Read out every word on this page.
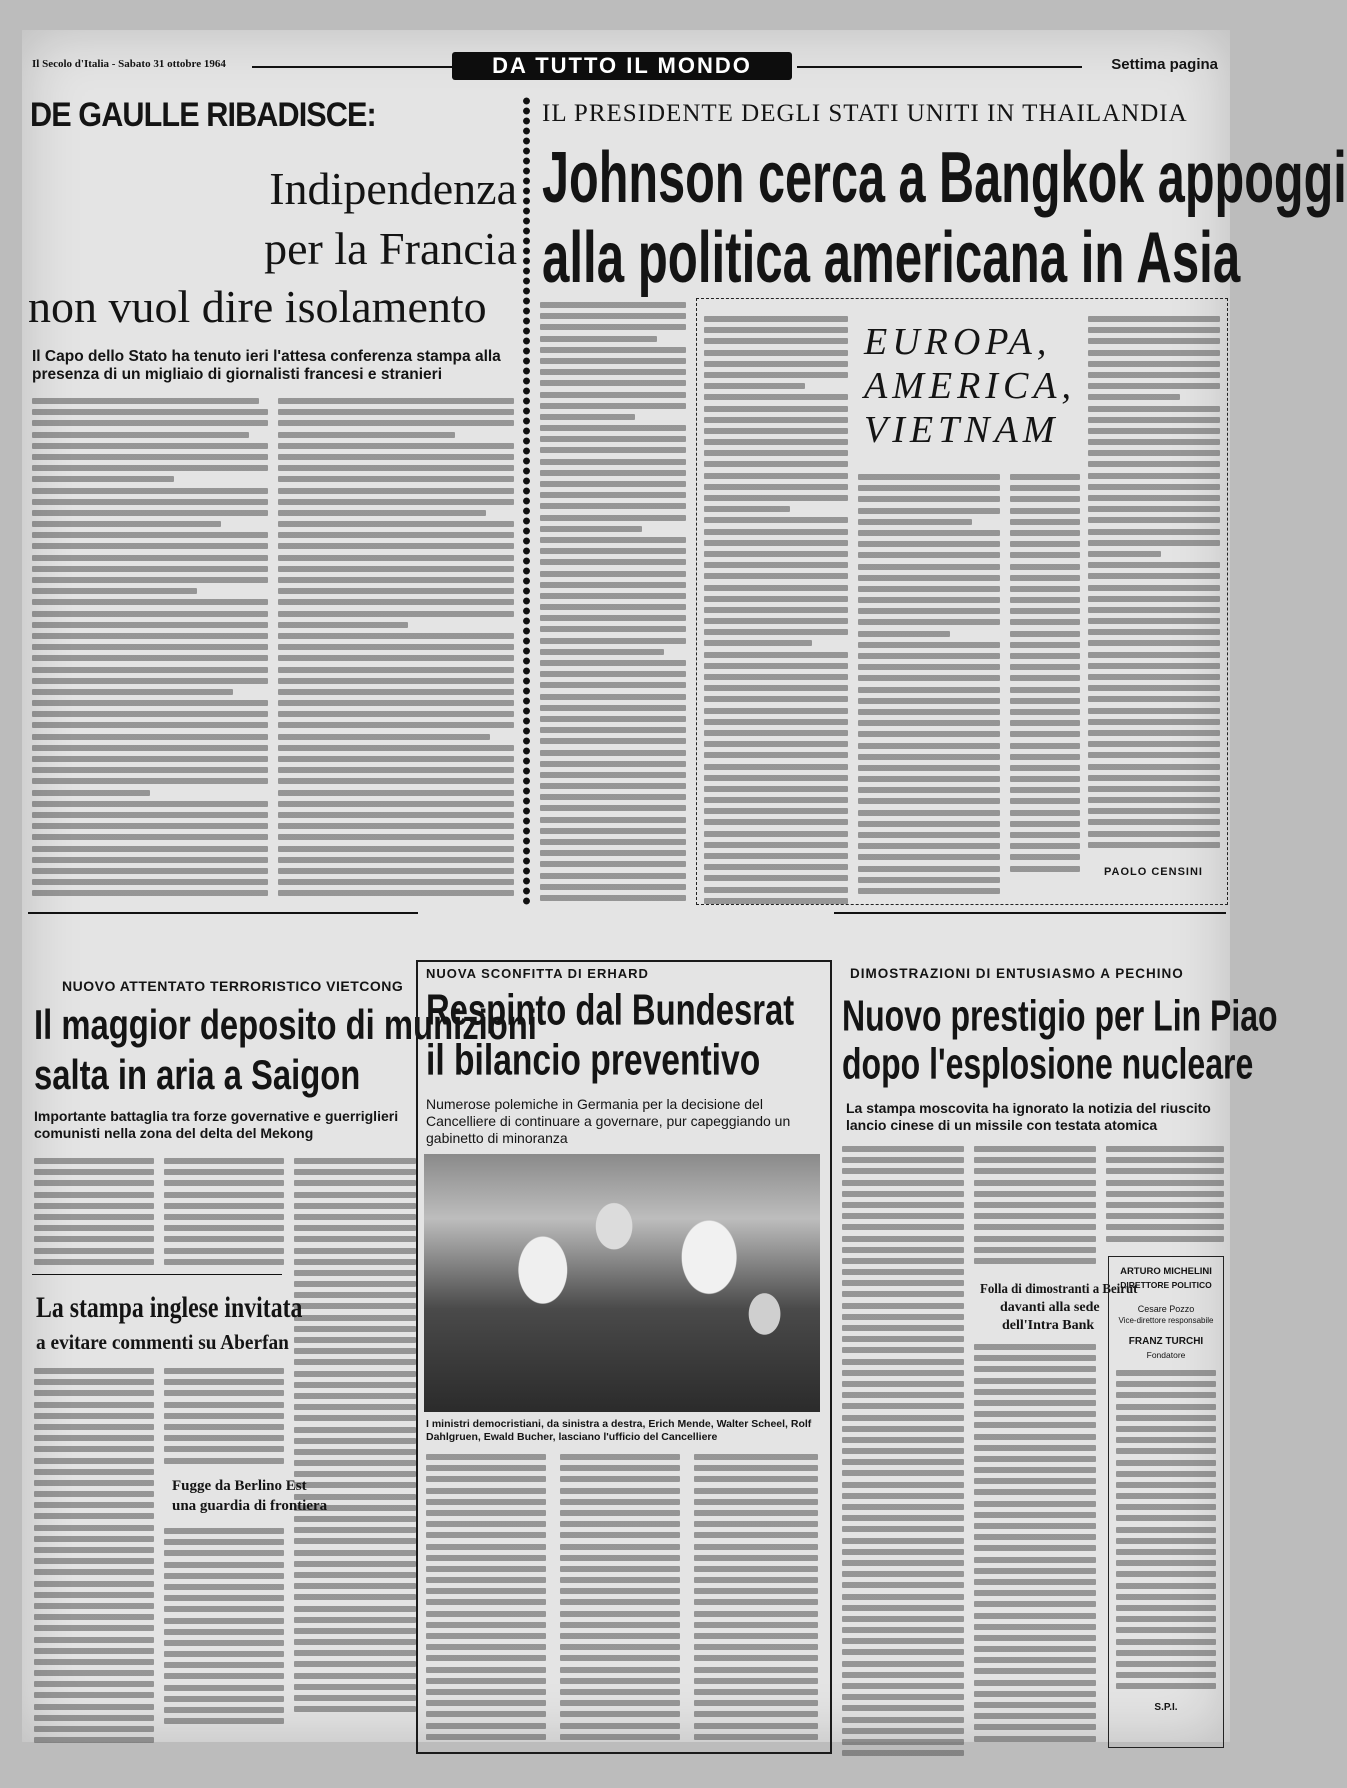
Il Secolo d'Italia - Sabato 31 ottobre 1964	DA TUTTO IL MONDO	Settima pagina
DE GAULLE RIBADISCE:
Indipendenza
per la Francia
non vuol dire isolamento
Il Capo dello Stato ha tenuto ieri l'attesa conferenza stampa alla presenza di un migliaio di giornalisti francesi e stranieri
IL PRESIDENTE DEGLI STATI UNITI IN THAILANDIA
Johnson cerca a Bangkok appoggi
alla politica americana in Asia
EUROPA,
AMERICA,
VIETNAM
PAOLO CENSINI
NUOVO ATTENTATO TERRORISTICO VIETCONG
Il maggior deposito di munizioni
salta in aria a Saigon
Importante battaglia tra forze governative e guerriglieri comunisti nella zona del delta del Mekong
La stampa inglese invitata
a evitare commenti su Aberfan
Fugge da Berlino Est
una guardia di frontiera
NUOVA SCONFITTA DI ERHARD
Respinto dal Bundesrat
il bilancio preventivo
Numerose polemiche in Germania per la decisione del Cancelliere di continuare a governare, pur capeggiando un gabinetto di minoranza
I ministri democristiani, da sinistra a destra, Erich Mende, Walter Scheel, Rolf Dahlgruen, Ewald Bucher, lasciano l'ufficio del Cancelliere
DIMOSTRAZIONI DI ENTUSIASMO A PECHINO
Nuovo prestigio per Lin Piao
dopo l'esplosione nucleare
La stampa moscovita ha ignorato la notizia del riuscito lancio cinese di un missile con testata atomica
Folla di dimostranti a Beirut
davanti alla sede
dell'Intra Bank
ARTURO MICHELINI
DIRETTORE POLITICO
Cesare Pozzo
Vice-direttore responsabile
FRANZ TURCHI
Fondatore
S.P.I.
